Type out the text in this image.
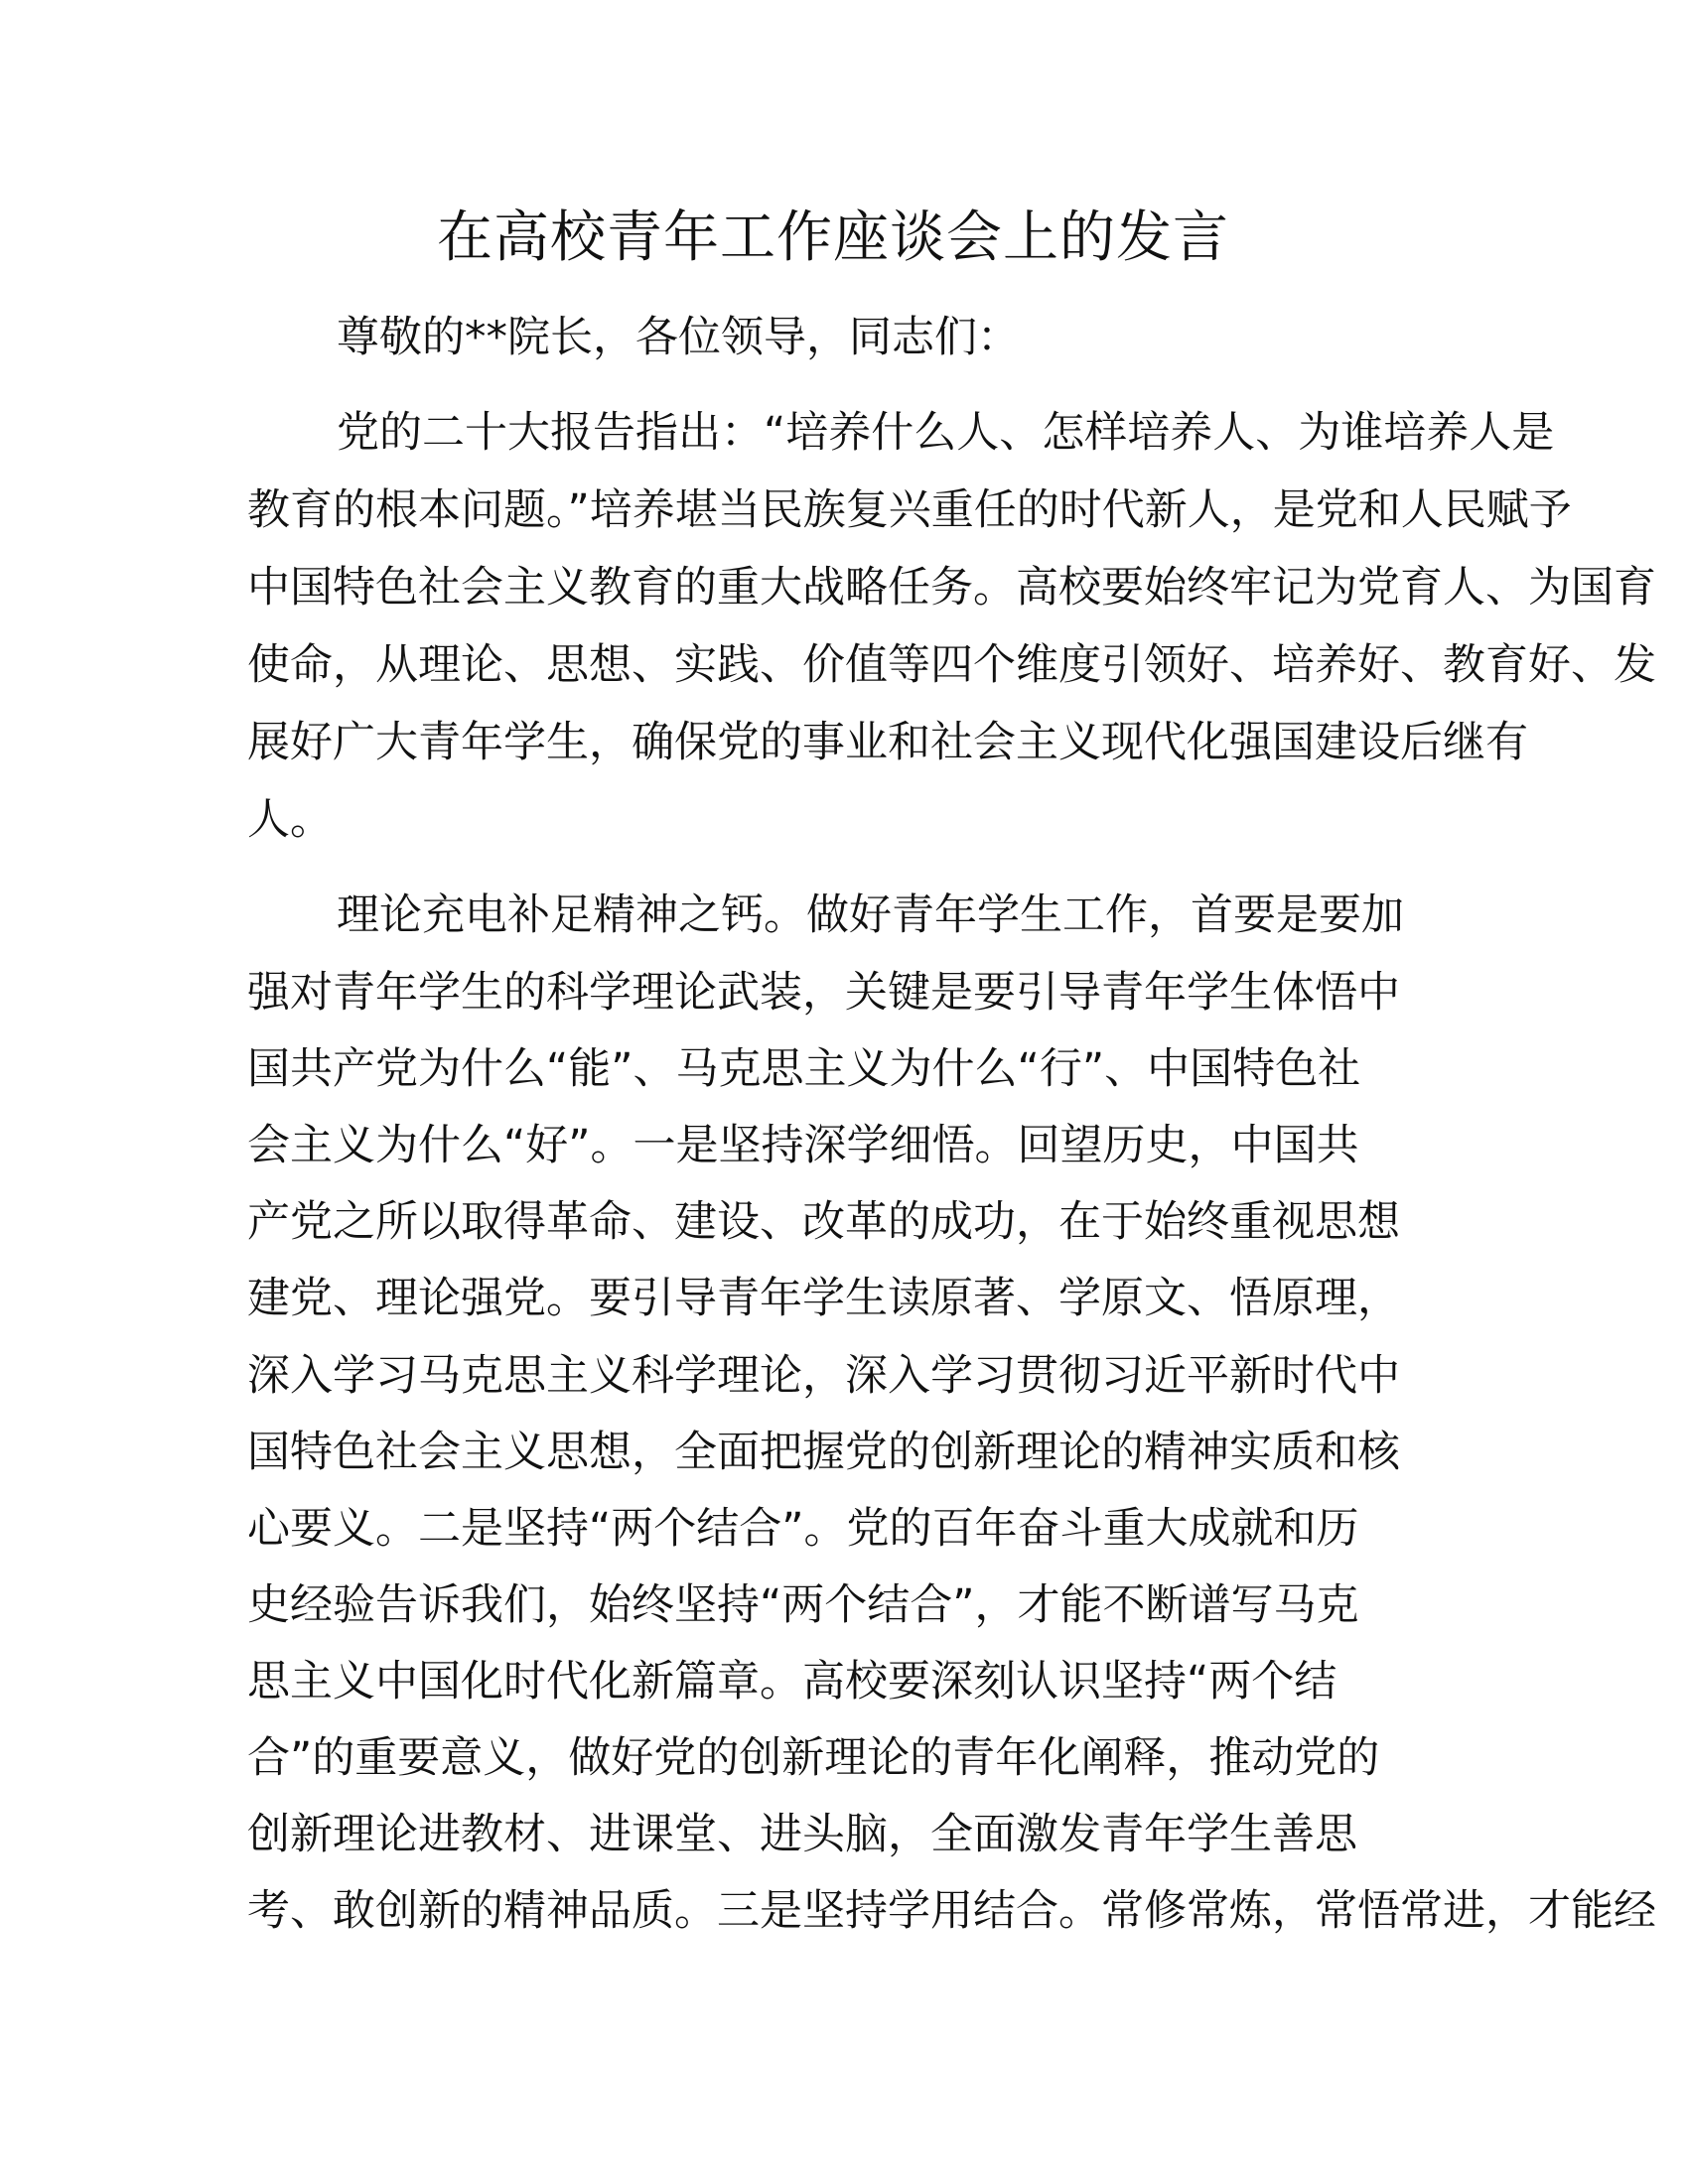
在高校青年工作座谈会上的发言
尊敬的**院长，各位领导，同志们：
党的二十大报告指出：“培养什么人、怎样培养人、为谁培养人是
教育的根本问题。”培养堪当民族复兴重任的时代新人，是党和人民赋予
中国特色社会主义教育的重大战略任务。高校要始终牢记为党育人、为国育
使命，从理论、思想、实践、价值等四个维度引领好、培养好、教育好、发
展好广大青年学生，确保党的事业和社会主义现代化强国建设后继有
人。
理论充电补足精神之钙。做好青年学生工作，首要是要加
强对青年学生的科学理论武装，关键是要引导青年学生体悟中
国共产党为什么“能”、马克思主义为什么“行”、中国特色社
会主义为什么“好”。一是坚持深学细悟。回望历史，中国共
产党之所以取得革命、建设、改革的成功，在于始终重视思想
建党、理论强党。要引导青年学生读原著、学原文、悟原理，
深入学习马克思主义科学理论，深入学习贯彻习近平新时代中
国特色社会主义思想，全面把握党的创新理论的精神实质和核
心要义。二是坚持“两个结合”。党的百年奋斗重大成就和历
史经验告诉我们，始终坚持“两个结合”，才能不断谱写马克
思主义中国化时代化新篇章。高校要深刻认识坚持“两个结
合”的重要意义，做好党的创新理论的青年化阐释，推动党的
创新理论进教材、进课堂、进头脑，全面激发青年学生善思
考、敢创新的精神品质。三是坚持学用结合。常修常炼，常悟常进，才能经
